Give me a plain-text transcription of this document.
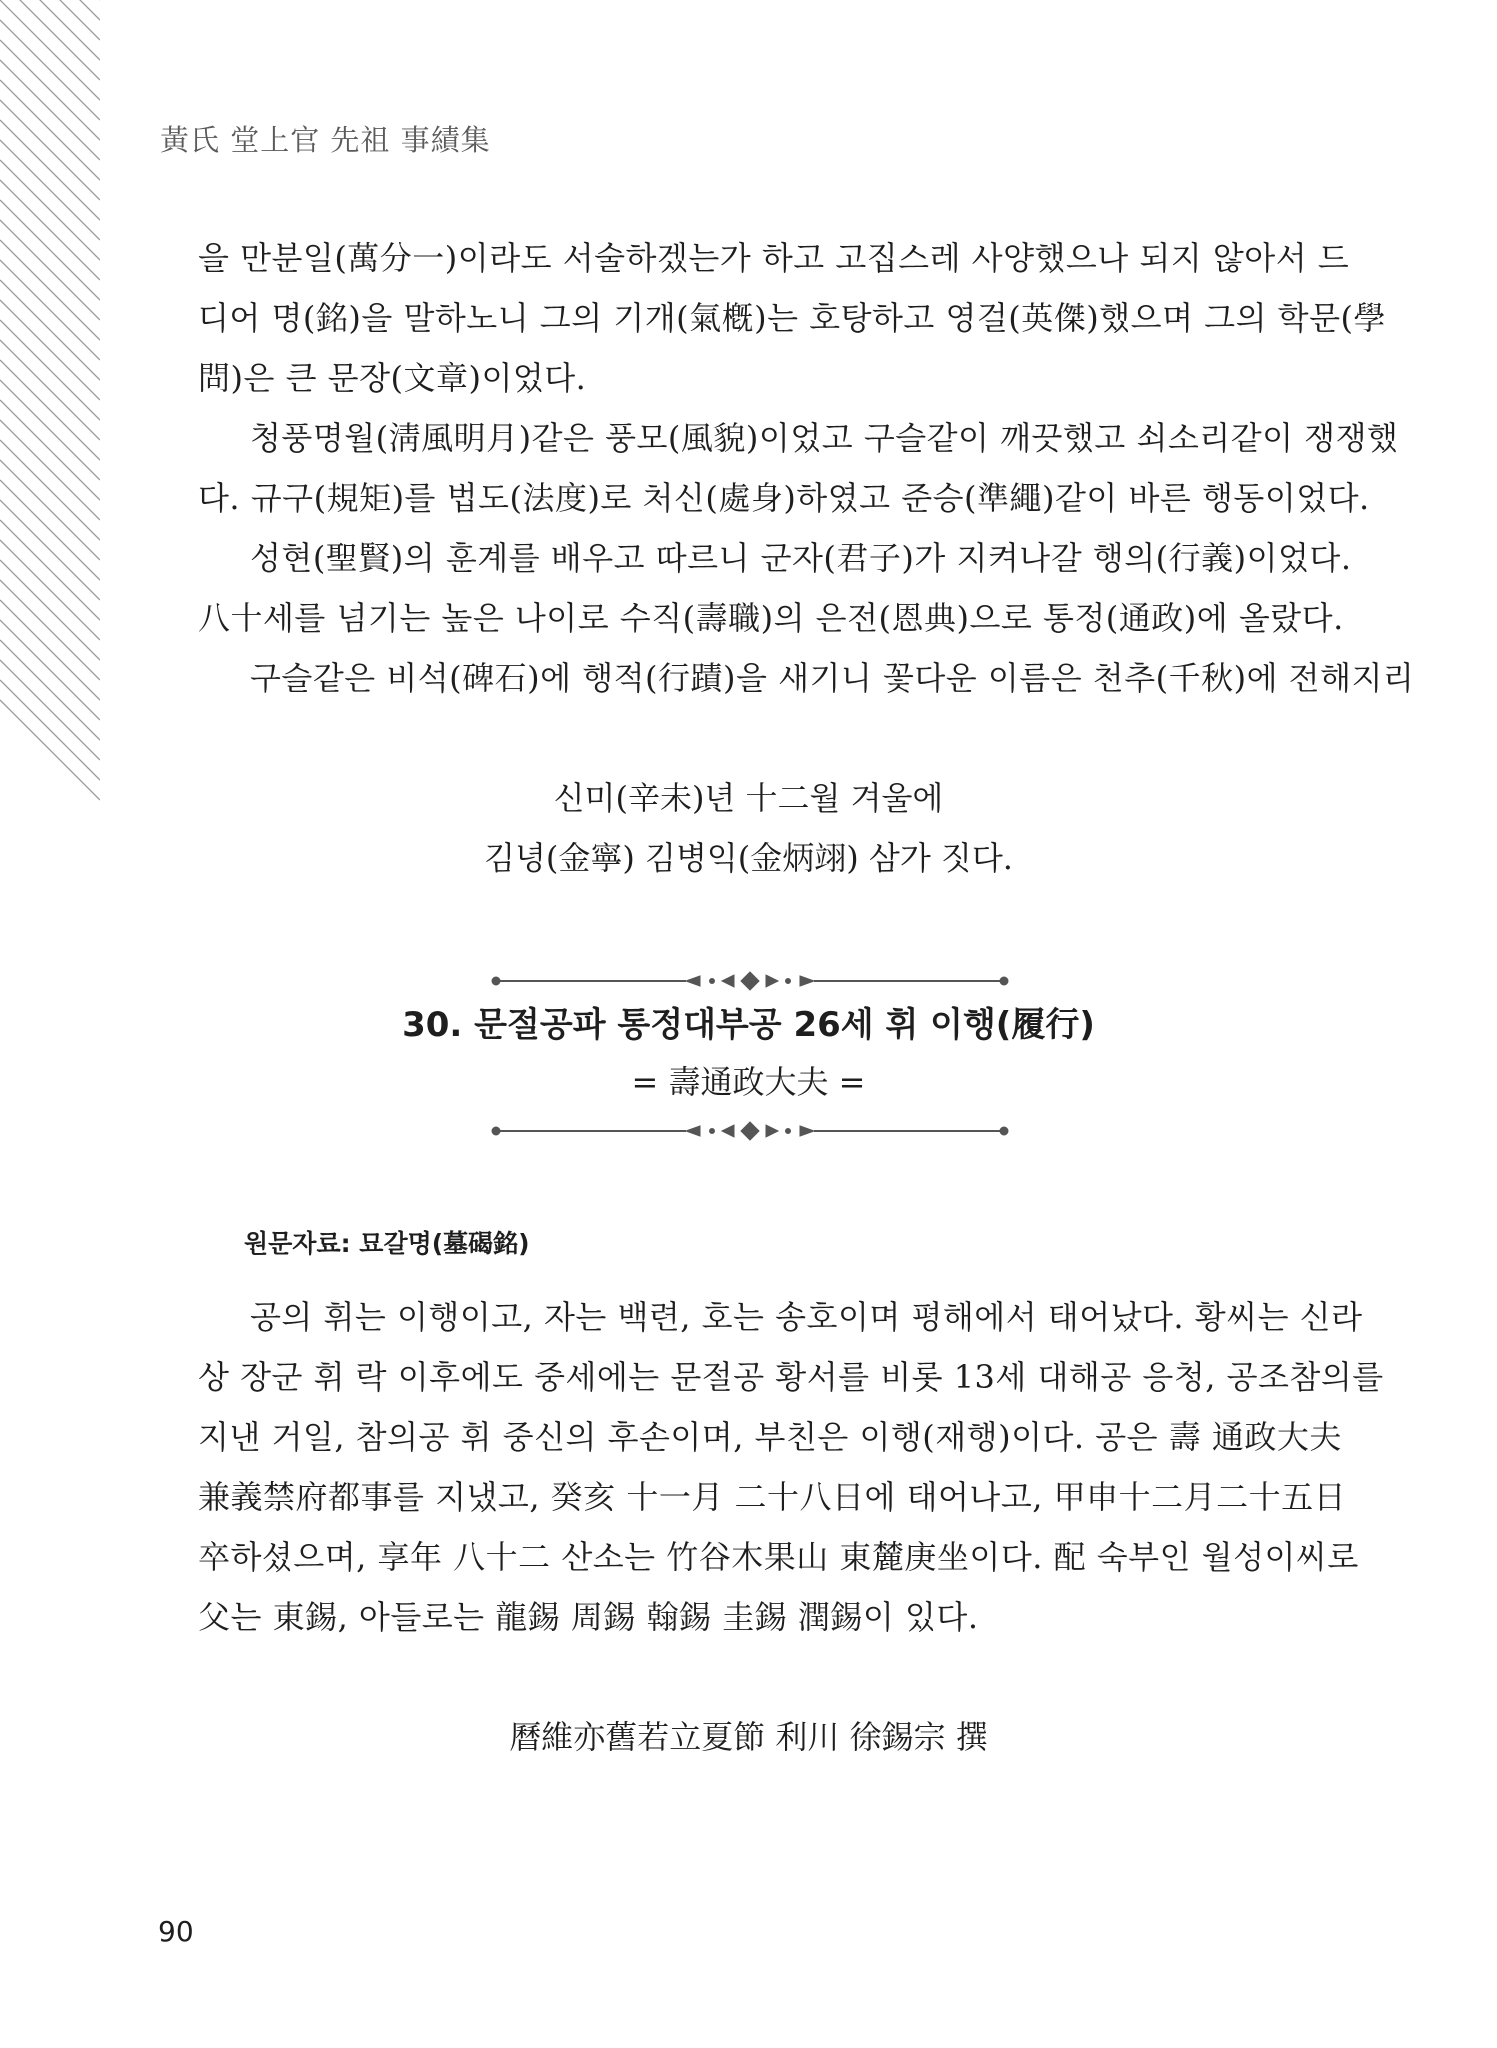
黃氏 堂上官 先祖 事績集
을 만분일(萬分一)이라도 서술하겠는가 하고 고집스레 사양했으나 되지 않아서 드
디어 명(銘)을 말하노니 그의 기개(氣槪)는 호탕하고 영걸(英傑)했으며 그의 학문(學
問)은 큰 문장(文章)이었다.
청풍명월(淸風明月)같은 풍모(風貌)이었고 구슬같이 깨끗했고 쇠소리같이 쟁쟁했
다. 규구(規矩)를 법도(法度)로 처신(處身)하였고 준승(準繩)같이 바른 행동이었다.
성현(聖賢)의 훈계를 배우고 따르니 군자(君子)가 지켜나갈 행의(行義)이었다.
八十세를 넘기는 높은 나이로 수직(壽職)의 은전(恩典)으로 통정(通政)에 올랐다.
구슬같은 비석(碑石)에 행적(行蹟)을 새기니 꽃다운 이름은 천추(千秋)에 전해지리
신미(辛未)년 十二월 겨울에
김녕(金寧) 김병익(金炳翊) 삼가 짓다.
30. 문절공파 통정대부공 26세 휘 이행(履行)
= 壽通政大夫 =
원문자료: 묘갈명(墓碣銘)
공의 휘는 이행이고, 자는 백련, 호는 송호이며 평해에서 태어났다. 황씨는 신라
상 장군 휘 락 이후에도 중세에는 문절공 황서를 비롯 13세 대해공 응청, 공조참의를
지낸 거일, 참의공 휘 중신의 후손이며, 부친은 이행(재행)이다. 공은 壽 通政大夫
兼義禁府都事를 지냈고, 癸亥 十一月 二十八日에 태어나고, 甲申十二月二十五日
卒하셨으며, 享年 八十二 산소는 竹谷木果山 東麓庚坐이다. 配 숙부인 월성이씨로
父는 東錫, 아들로는 龍錫 周錫 翰錫 圭錫 潤錫이 있다.
曆維亦舊若立夏節 利川 徐錫宗 撰
90
